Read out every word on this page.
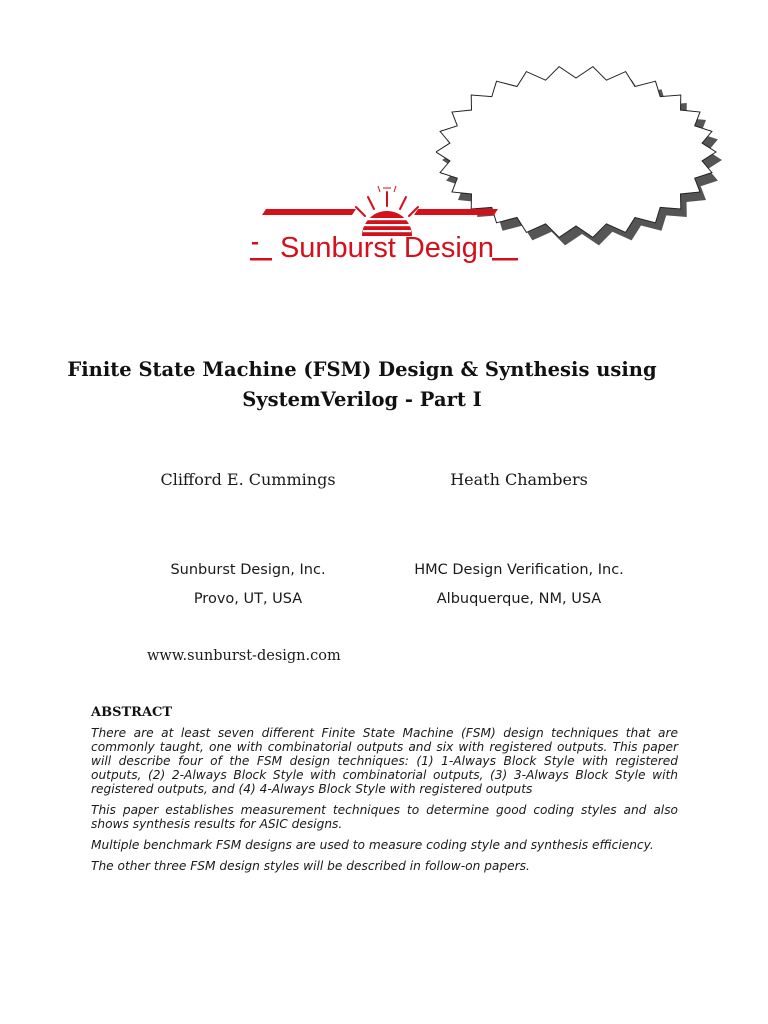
Sunburst Design
Finite State Machine (FSM) Design & Synthesis using
SystemVerilog - Part I
Clifford E. Cummings	Heath Chambers
Sunburst Design, Inc.
Provo, UT, USA
HMC Design Verification, Inc.
Albuquerque, NM, USA
www.sunburst-design.com
ABSTRACT

There are at least seven different Finite State Machine (FSM) design techniques that are commonly taught, one with combinatorial outputs and six with registered outputs. This paper will describe four of the FSM design techniques: (1) 1-Always Block Style with registered outputs, (2) 2-Always Block Style with combinatorial outputs, (3) 3-Always Block Style with registered outputs, and (4) 4-Always Block Style with registered outputs

This paper establishes measurement techniques to determine good coding styles and also shows synthesis results for ASIC designs.

Multiple benchmark FSM designs are used to measure coding style and synthesis efficiency.

The other three FSM design styles will be described in follow-on papers.
